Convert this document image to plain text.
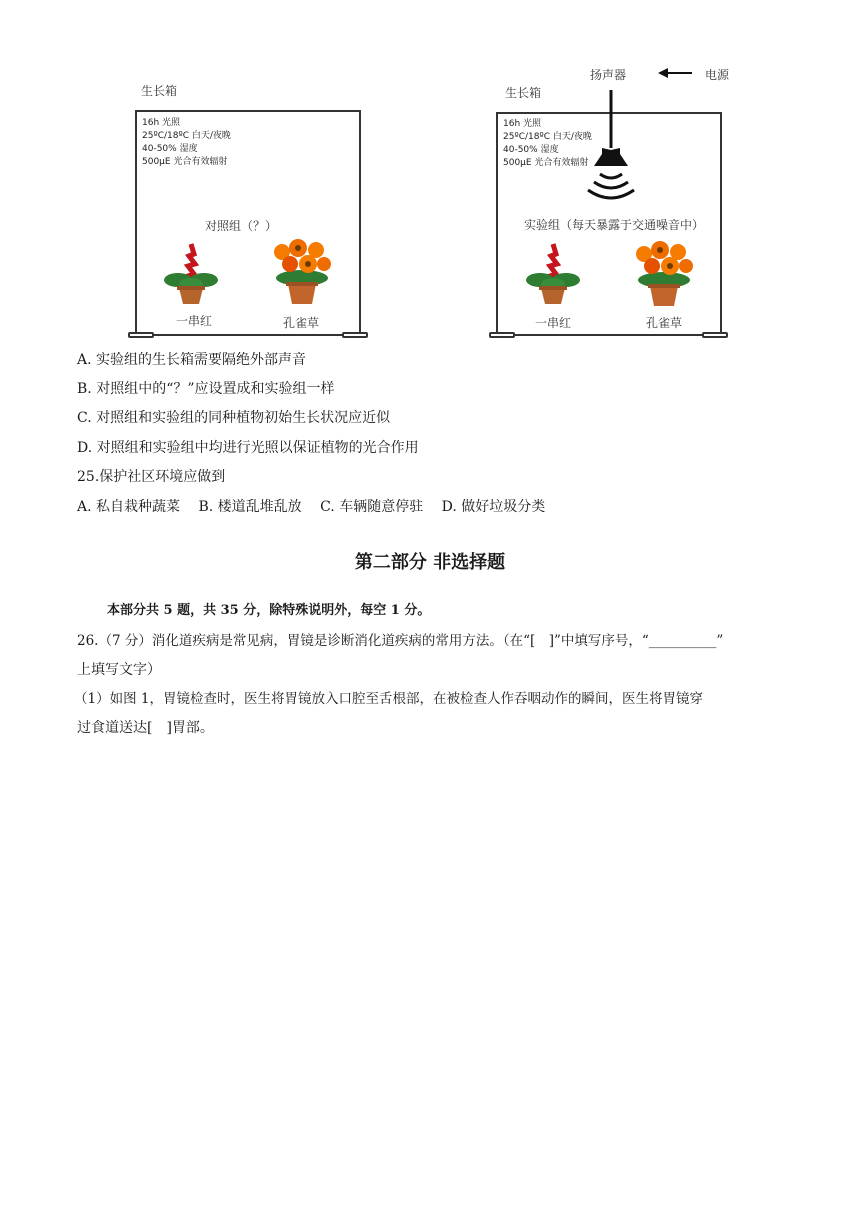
生长箱
16h 光照
25ºC/18ºC 白天/夜晚
40-50% 湿度
500μE 光合有效辐射
对照组（？）
一串红	孔雀草
扬声器	电源
生长箱
16h 光照
25ºC/18ºC 白天/夜晚
40-50% 湿度
500μE 光合有效辐射
实验组（每天暴露于交通噪音中）
一串红	孔雀草
A. 实验组的生长箱需要隔绝外部声音
B. 对照组中的“？”应设置成和实验组一样
C. 对照组和实验组的同种植物初始生长状况应近似
D. 对照组和实验组中均进行光照以保证植物的光合作用
25.保护社区环境应做到
A. 私自栽种蔬菜　 B. 楼道乱堆乱放　 C. 车辆随意停驻　 D. 做好垃圾分类
第二部分 非选择题
本部分共 5 题，共 35 分，除特殊说明外，每空 1 分。
26.（7 分）消化道疾病是常见病，胃镜是诊断消化道疾病的常用方法。（在“[　]”中填写序号，“__________”
上填写文字）
（1）如图 1，胃镜检查时，医生将胃镜放入口腔至舌根部，在被检查人作吞咽动作的瞬间，医生将胃镜穿
过食道送达[　]胃部。
